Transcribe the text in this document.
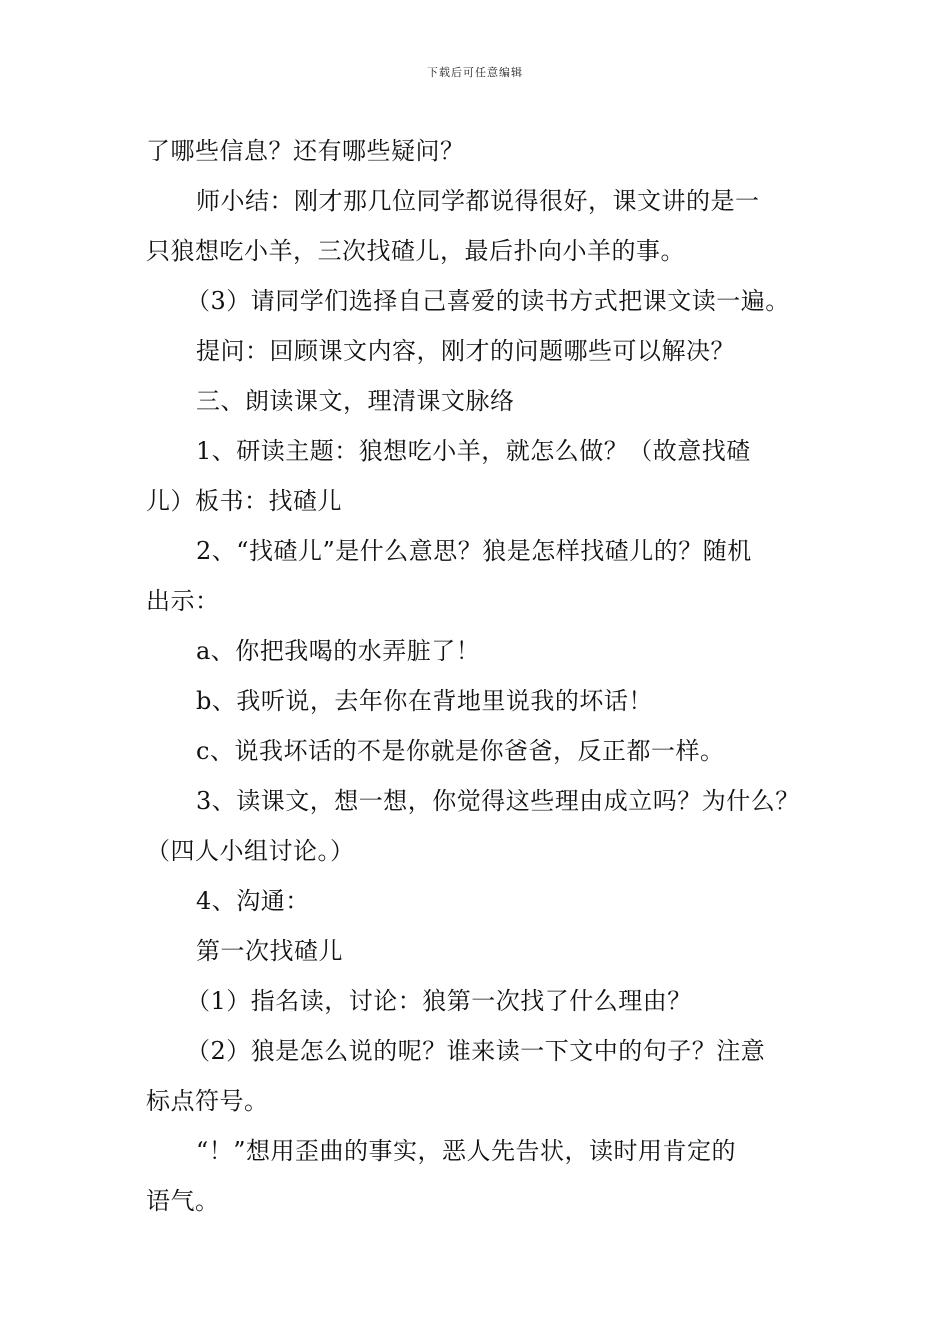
下载后可任意编辑
了哪些信息？还有哪些疑问？
师小结：刚才那几位同学都说得很好，课文讲的是一
只狼想吃小羊，三次找碴儿，最后扑向小羊的事。
（3）请同学们选择自己喜爱的读书方式把课文读一遍。
提问：回顾课文内容，刚才的问题哪些可以解决？
三、朗读课文，理清课文脉络
1、研读主题：狼想吃小羊，就怎么做？（故意找碴
儿）板书：找碴儿
2、“找碴儿”是什么意思？狼是怎样找碴儿的？随机
出示：
a、你把我喝的水弄脏了！
b、我听说，去年你在背地里说我的坏话！
c、说我坏话的不是你就是你爸爸，反正都一样。
3、读课文，想一想，你觉得这些理由成立吗？为什么？
（四人小组讨论。）
4、沟通：
第一次找碴儿
（1）指名读，讨论：狼第一次找了什么理由？
（2）狼是怎么说的呢？谁来读一下文中的句子？注意
标点符号。
“！”想用歪曲的事实，恶人先告状，读时用肯定的
语气。
